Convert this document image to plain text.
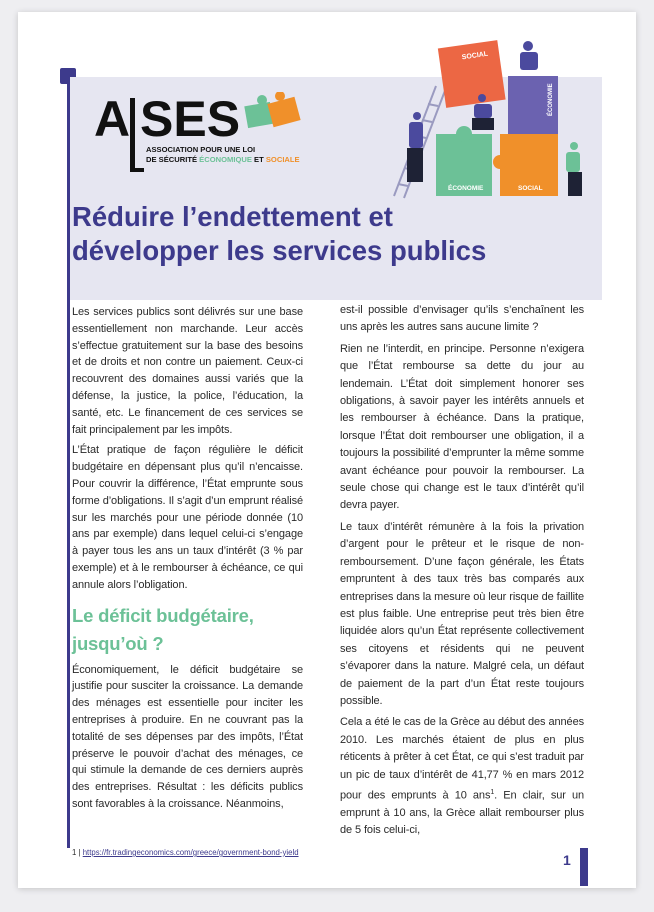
A SES
ASSOCIATION POUR UNE LOI
DE SÉCURITÉ ÉCONOMIQUE ET SOCIALE
SOCIAL
ÉCONOMIE
ÉCONOMIE	SOCIAL
Réduire l’endettement et
développer les services publics

Les services publics sont délivrés sur une base essentiellement non marchande. Leur accès s’effectue gratuitement sur la base des besoins et de droits et non contre un paiement. Ceux-ci recouvrent des domaines aussi variés que la défense, la justice, la police, l’éducation, la santé, etc. Le financement de ces services se fait principalement par les impôts.

L’État pratique de façon régulière le déficit budgétaire en dépensant plus qu’il n’encaisse. Pour couvrir la différence, l’État emprunte sous forme d’obligations. Il s’agit d’un emprunt réalisé sur les marchés pour une période donnée (10 ans par exemple) dans lequel celui-ci s’engage à payer tous les ans un taux d’intérêt (3 % par exemple) et à le rembourser à échéance, ce qui annule alors l’obligation.

Le déficit budgétaire, jusqu’où ?

Économiquement, le déficit budgétaire se justifie pour susciter la croissance. La demande des ménages est essentielle pour inciter les entreprises à produire. En ne couvrant pas la totalité de ses dépenses par des impôts, l’État préserve le pouvoir d’achat des ménages, ce qui stimule la demande de ces derniers auprès des entreprises. Résultat : les déficits publics sont favorables à la croissance. Néanmoins,

est-il possible d’envisager qu’ils s’enchaînent les uns après les autres sans aucune limite ?

Rien ne l’interdit, en principe. Personne n’exigera que l’État rembourse sa dette du jour au lendemain. L’État doit simplement honorer ses obligations, à savoir payer les intérêts annuels et les rembourser à échéance. Dans la pratique, lorsque l’État doit rembourser une obligation, il a toujours la possibilité d’emprunter la même somme avant échéance pour pouvoir la rembourser. La seule chose qui change est le taux d’intérêt qu’il devra payer.

Le taux d’intérêt rémunère à la fois la privation d’argent pour le prêteur et le risque de non-remboursement. D’une façon générale, les États empruntent à des taux très bas comparés aux entreprises dans la mesure où leur risque de faillite est plus faible. Une entreprise peut très bien être liquidée alors qu’un État représente collectivement ses citoyens et résidents qui ne peuvent s’évaporer dans la nature. Malgré cela, un défaut de paiement de la part d’un État reste toujours possible.

Cela a été le cas de la Grèce au début des années 2010. Les marchés étaient de plus en plus réticents à prêter à cet État, ce qui s’est traduit par un pic de taux d’intérêt de 41,77 % en mars 2012 pour des emprunts à 10 ans$^1$. En clair, sur un emprunt à 10 ans, la Grèce allait rembourser plus de 5 fois celui-ci,

1 | https://fr.tradingeconomics.com/greece/government-bond-yield	1
